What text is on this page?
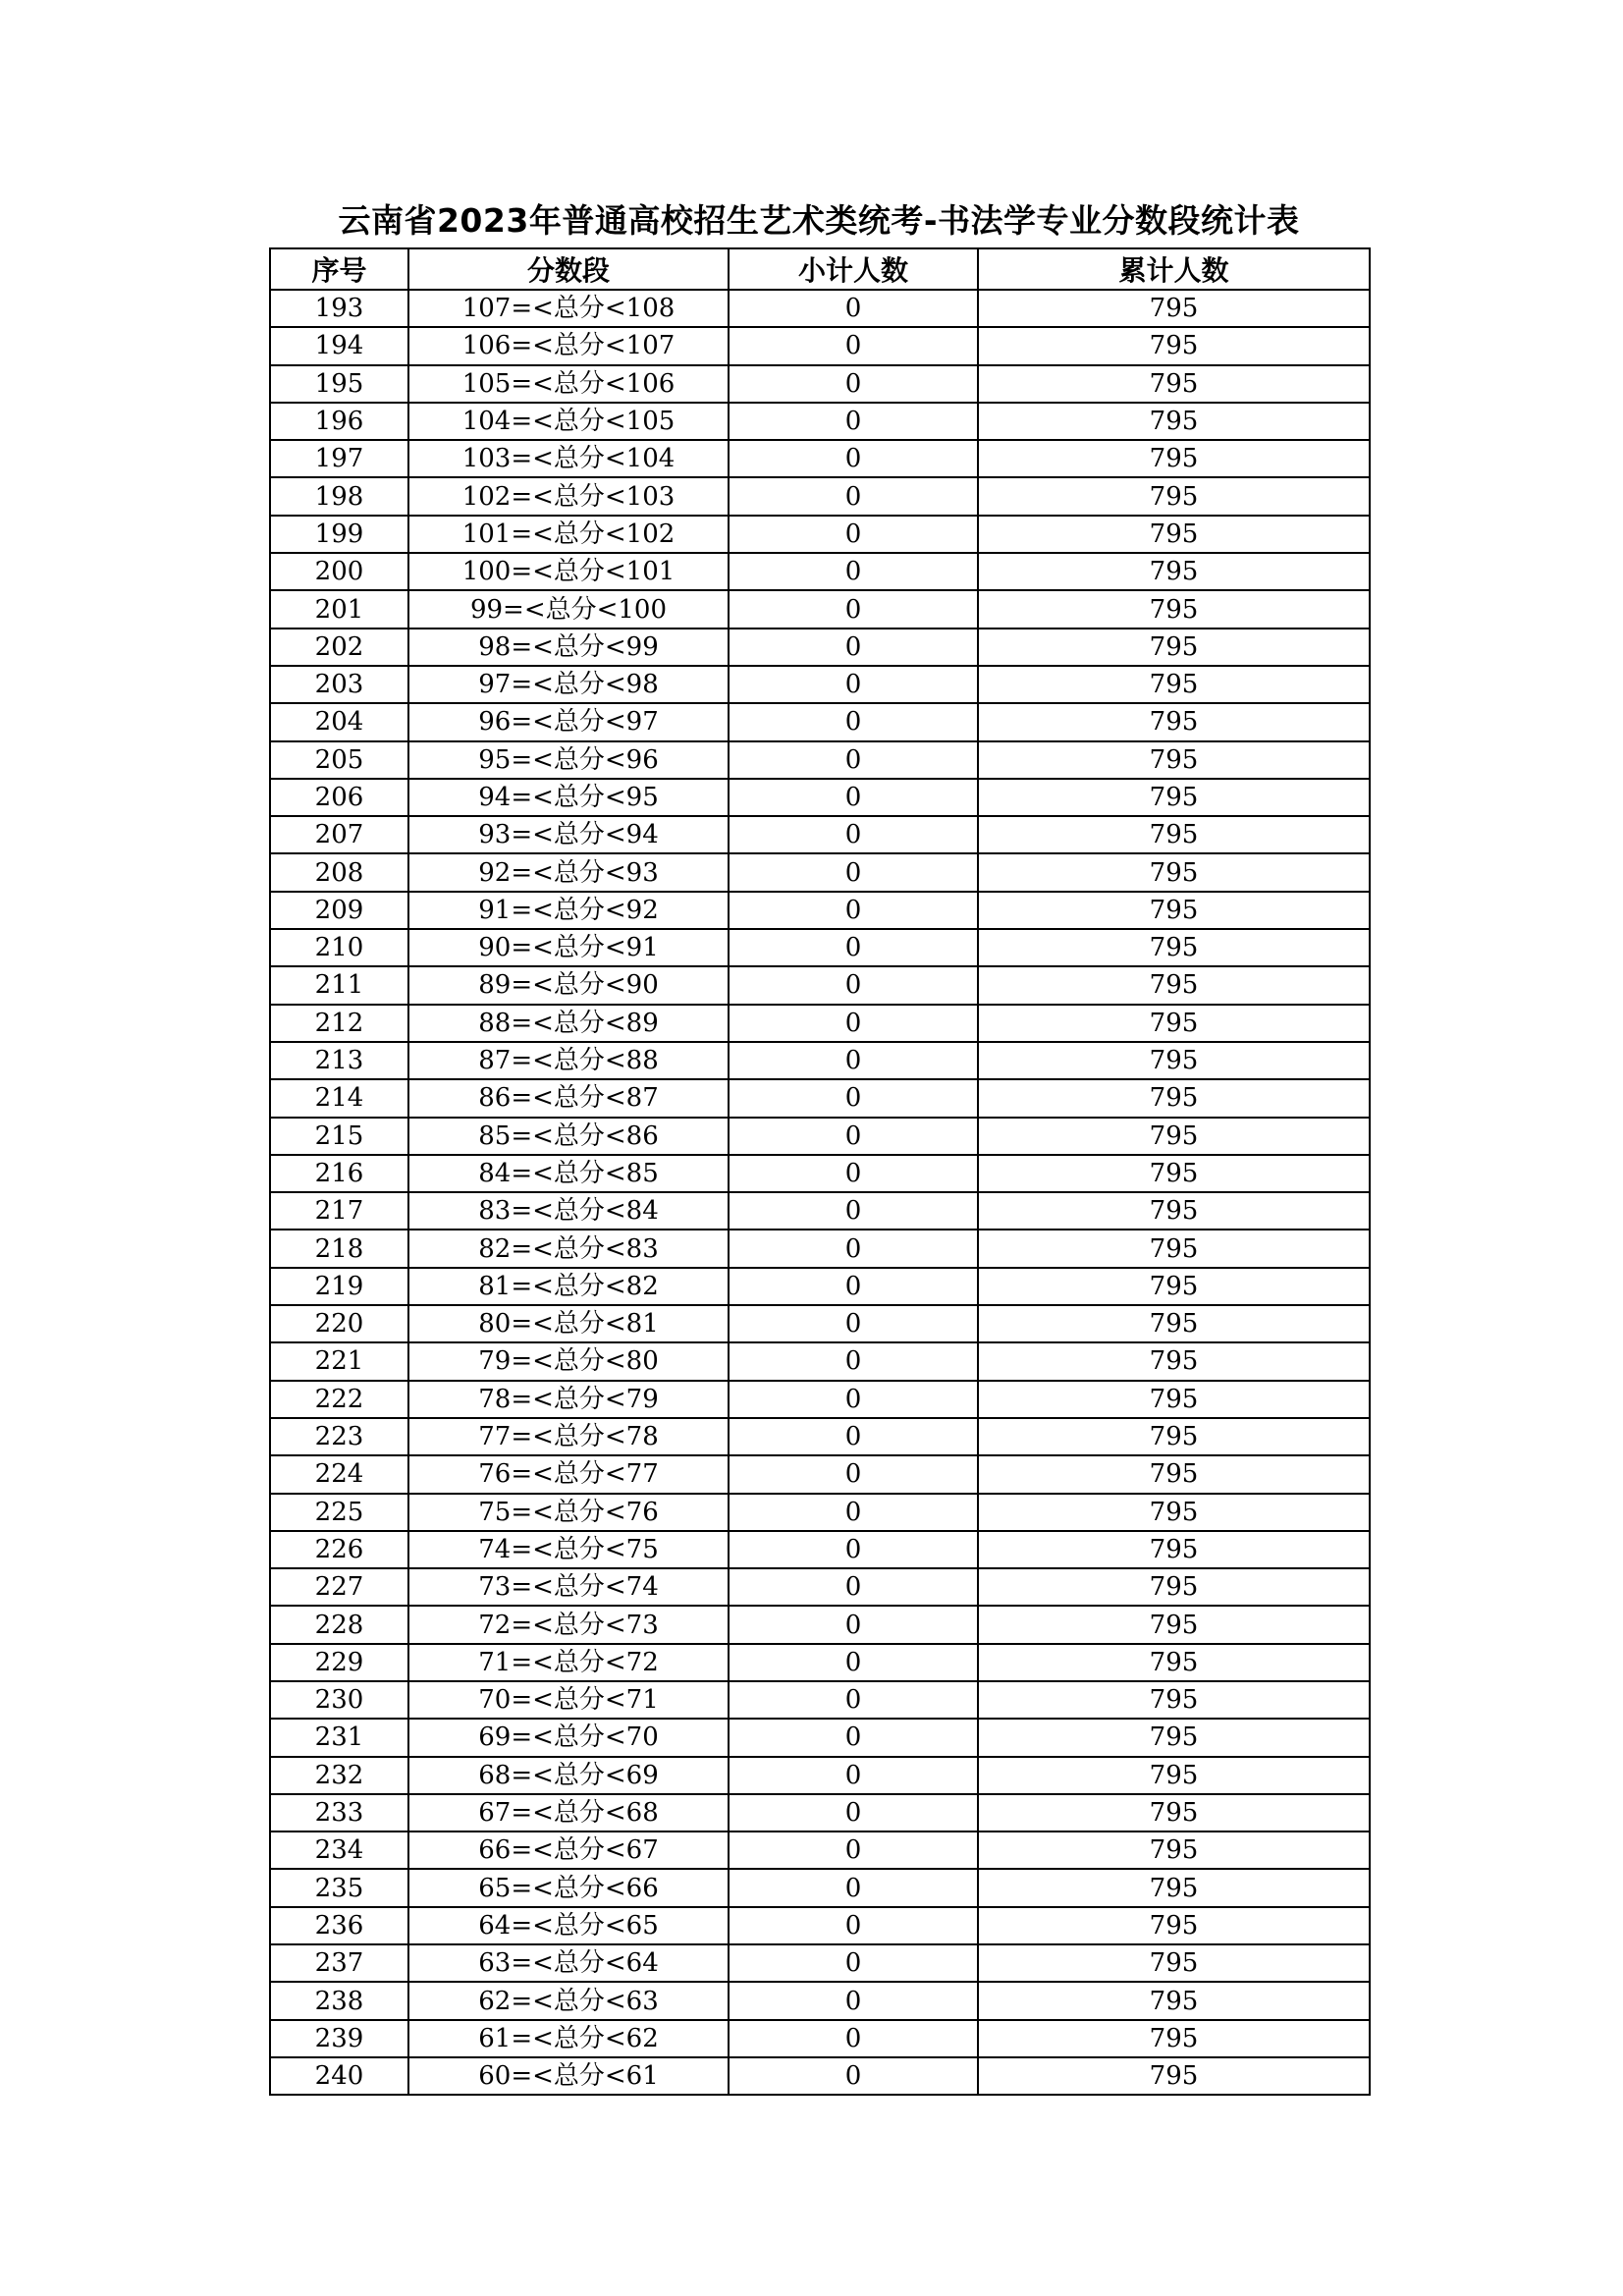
云南省2023年普通高校招生艺术类统考-书法学专业分数段统计表
序号	分数段	小计人数	累计人数
193	107=<总分<108	0	795
194	106=<总分<107	0	795
195	105=<总分<106	0	795
196	104=<总分<105	0	795
197	103=<总分<104	0	795
198	102=<总分<103	0	795
199	101=<总分<102	0	795
200	100=<总分<101	0	795
201	99=<总分<100	0	795
202	98=<总分<99	0	795
203	97=<总分<98	0	795
204	96=<总分<97	0	795
205	95=<总分<96	0	795
206	94=<总分<95	0	795
207	93=<总分<94	0	795
208	92=<总分<93	0	795
209	91=<总分<92	0	795
210	90=<总分<91	0	795
211	89=<总分<90	0	795
212	88=<总分<89	0	795
213	87=<总分<88	0	795
214	86=<总分<87	0	795
215	85=<总分<86	0	795
216	84=<总分<85	0	795
217	83=<总分<84	0	795
218	82=<总分<83	0	795
219	81=<总分<82	0	795
220	80=<总分<81	0	795
221	79=<总分<80	0	795
222	78=<总分<79	0	795
223	77=<总分<78	0	795
224	76=<总分<77	0	795
225	75=<总分<76	0	795
226	74=<总分<75	0	795
227	73=<总分<74	0	795
228	72=<总分<73	0	795
229	71=<总分<72	0	795
230	70=<总分<71	0	795
231	69=<总分<70	0	795
232	68=<总分<69	0	795
233	67=<总分<68	0	795
234	66=<总分<67	0	795
235	65=<总分<66	0	795
236	64=<总分<65	0	795
237	63=<总分<64	0	795
238	62=<总分<63	0	795
239	61=<总分<62	0	795
240	60=<总分<61	0	795
